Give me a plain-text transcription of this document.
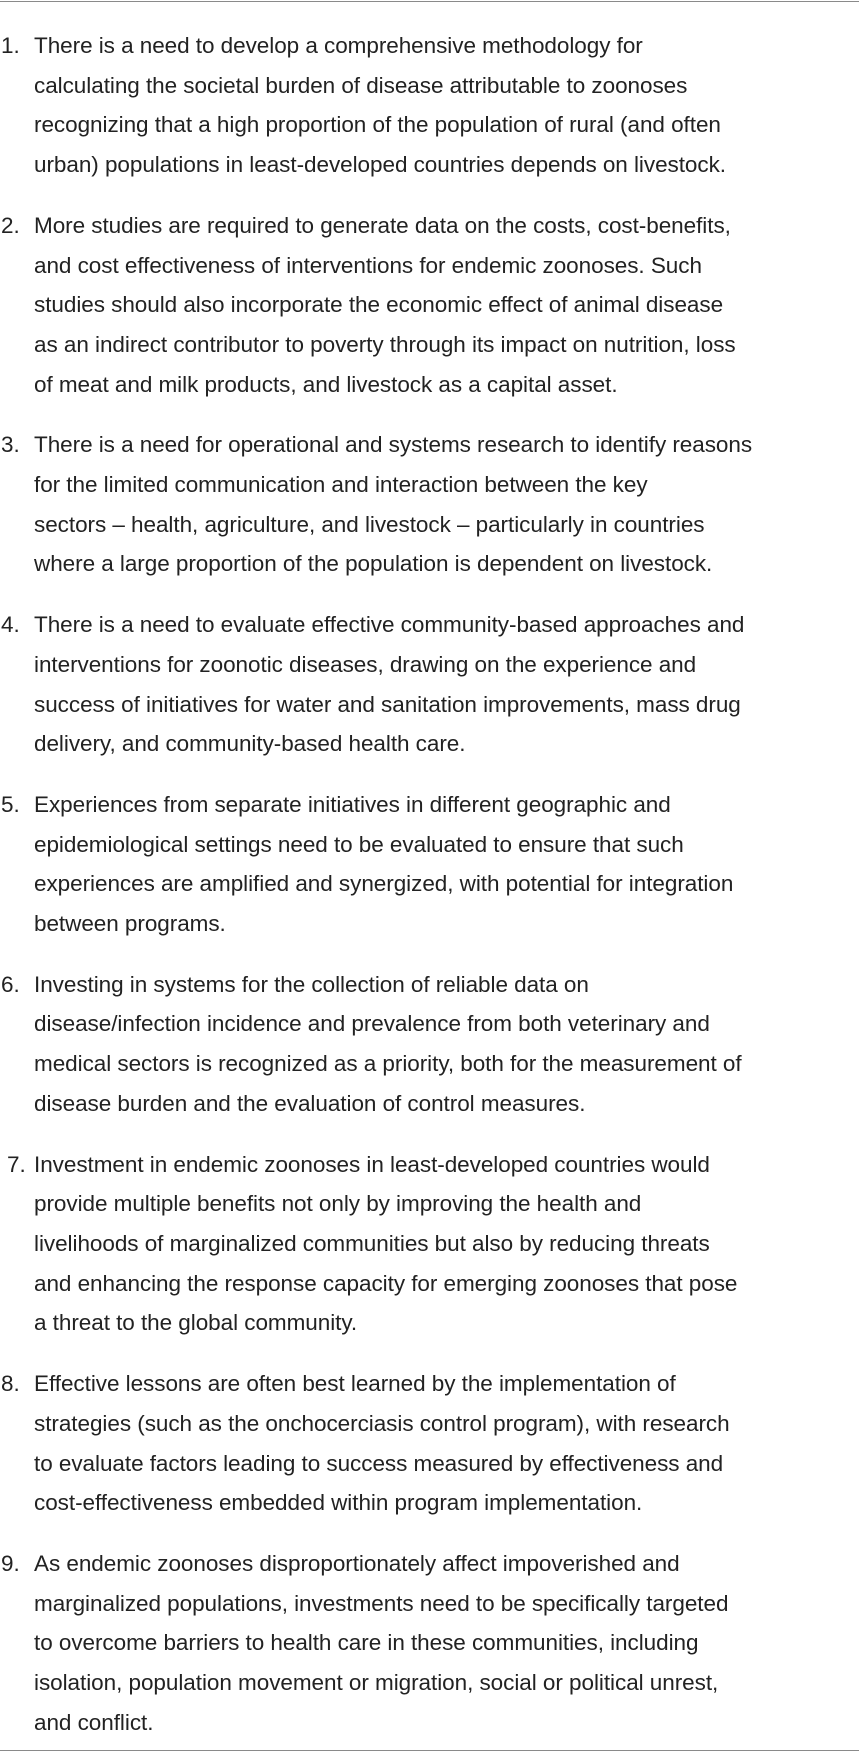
1. There is a need to develop a comprehensive methodology for
calculating the societal burden of disease attributable to zoonoses
recognizing that a high proportion of the population of rural (and often
urban) populations in least-developed countries depends on livestock.
2. More studies are required to generate data on the costs, cost-benefits,
and cost effectiveness of interventions for endemic zoonoses. Such
studies should also incorporate the economic effect of animal disease
as an indirect contributor to poverty through its impact on nutrition, loss
of meat and milk products, and livestock as a capital asset.
3. There is a need for operational and systems research to identify reasons
for the limited communication and interaction between the key
sectors – health, agriculture, and livestock – particularly in countries
where a large proportion of the population is dependent on livestock.
4. There is a need to evaluate effective community-based approaches and
interventions for zoonotic diseases, drawing on the experience and
success of initiatives for water and sanitation improvements, mass drug
delivery, and community-based health care.
5. Experiences from separate initiatives in different geographic and
epidemiological settings need to be evaluated to ensure that such
experiences are amplified and synergized, with potential for integration
between programs.
6. Investing in systems for the collection of reliable data on
disease/infection incidence and prevalence from both veterinary and
medical sectors is recognized as a priority, both for the measurement of
disease burden and the evaluation of control measures.
7. Investment in endemic zoonoses in least-developed countries would
provide multiple benefits not only by improving the health and
livelihoods of marginalized communities but also by reducing threats
and enhancing the response capacity for emerging zoonoses that pose
a threat to the global community.
8. Effective lessons are often best learned by the implementation of
strategies (such as the onchocerciasis control program), with research
to evaluate factors leading to success measured by effectiveness and
cost-effectiveness embedded within program implementation.
9. As endemic zoonoses disproportionately affect impoverished and
marginalized populations, investments need to be specifically targeted
to overcome barriers to health care in these communities, including
isolation, population movement or migration, social or political unrest,
and conflict.
